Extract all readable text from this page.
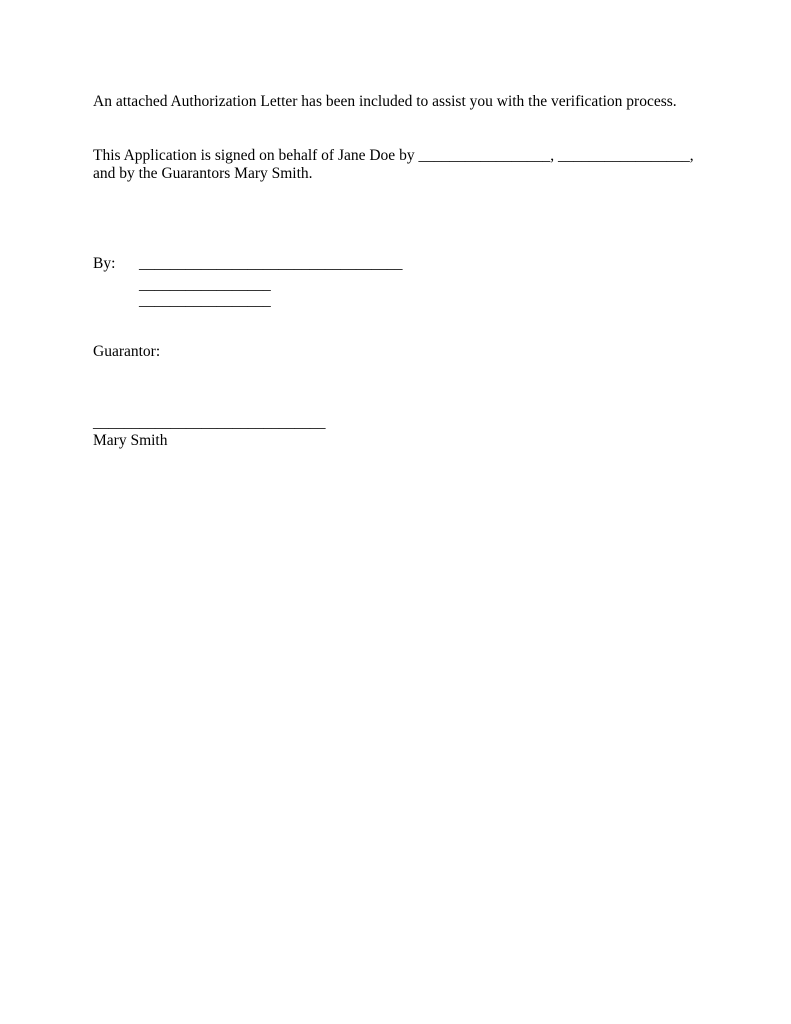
An attached Authorization Letter has been included to assist you with the verification process.
This Application is signed on behalf of Jane Doe by _________________, _________________,
and by the Guarantors Mary Smith.
By: __________________________________
_________________
_________________
Guarantor:
______________________________
Mary Smith
